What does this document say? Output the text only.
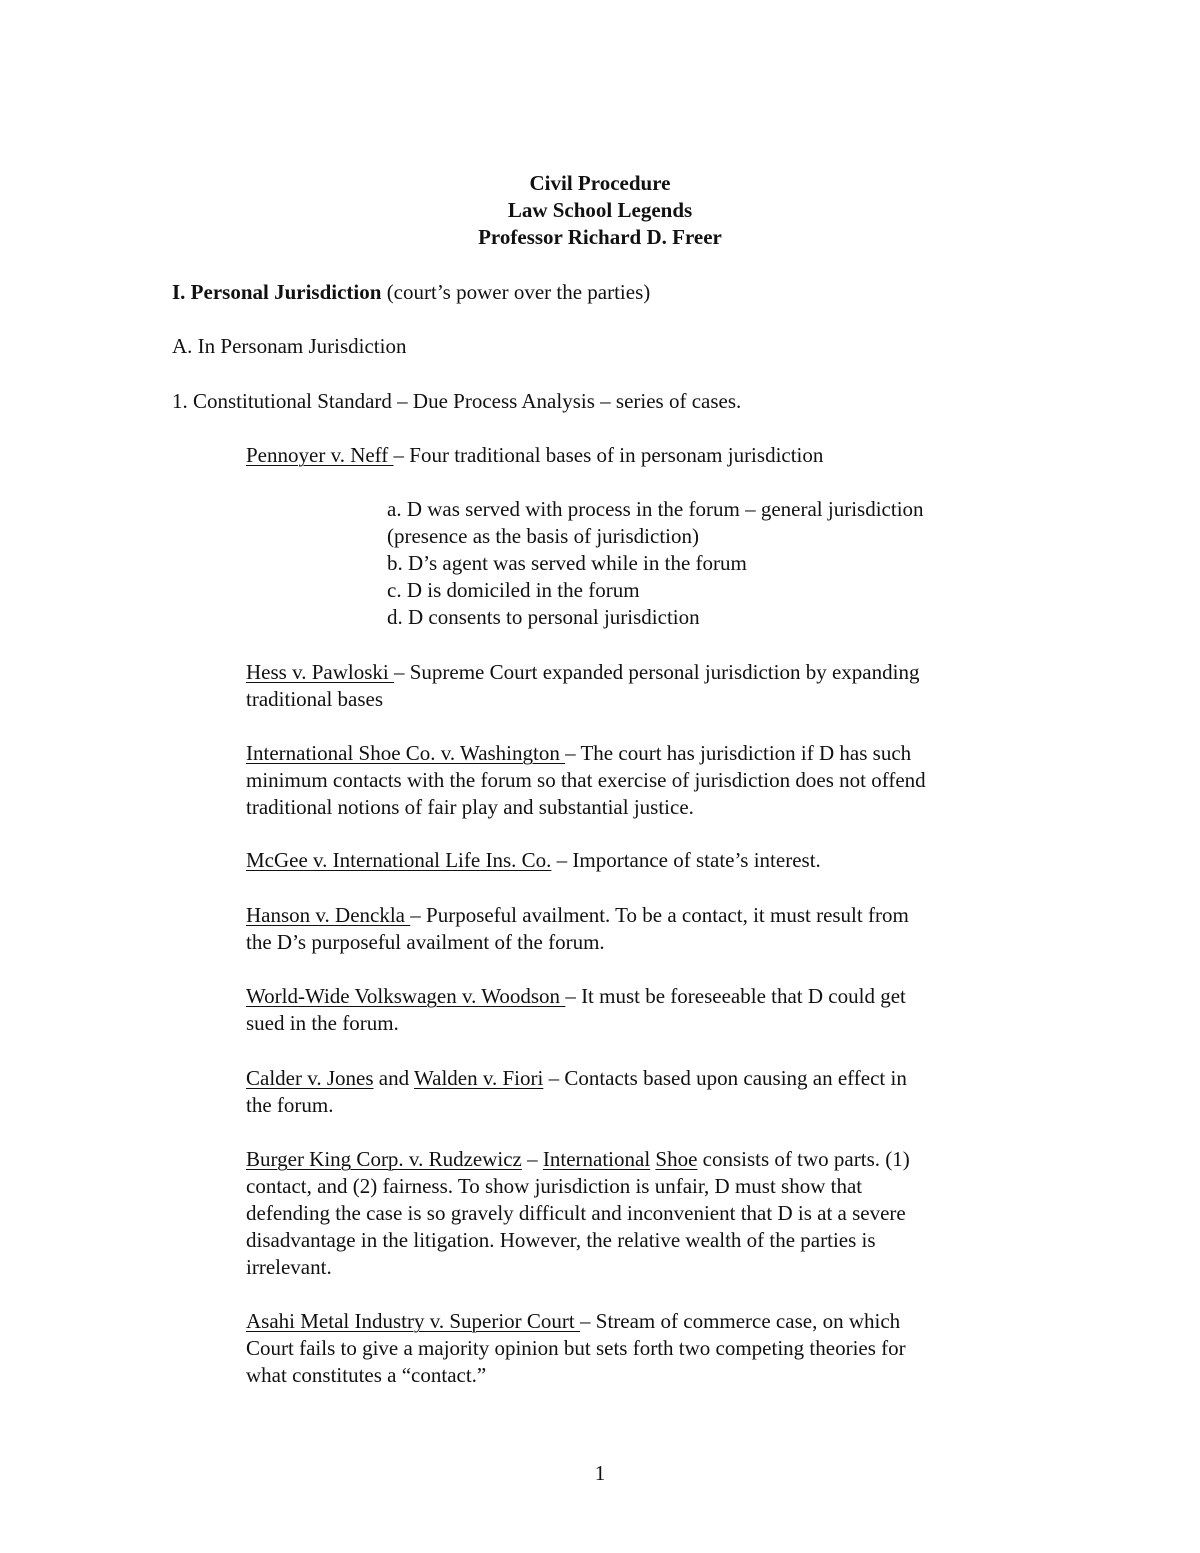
Civil Procedure

Law School Legends

Professor Richard D. Freer

I. Personal Jurisdiction (court’s power over the parties)

A. In Personam Jurisdiction

1. Constitutional Standard – Due Process Analysis – series of cases.

Pennoyer v. Neff – Four traditional bases of in personam jurisdiction

a. D was served with process in the forum – general jurisdiction

(presence as the basis of jurisdiction)

b. D’s agent was served while in the forum

c. D is domiciled in the forum

d. D consents to personal jurisdiction

Hess v. Pawloski – Supreme Court expanded personal jurisdiction by expanding

traditional bases

International Shoe Co. v. Washington – The court has jurisdiction if D has such

minimum contacts with the forum so that exercise of jurisdiction does not offend

traditional notions of fair play and substantial justice.

McGee v. International Life Ins. Co. – Importance of state’s interest.

Hanson v. Denckla – Purposeful availment. To be a contact, it must result from

the D’s purposeful availment of the forum.

World-Wide Volkswagen v. Woodson – It must be foreseeable that D could get

sued in the forum.

Calder v. Jones and Walden v. Fiori – Contacts based upon causing an effect in

the forum.

Burger King Corp. v. Rudzewicz – International Shoe consists of two parts. (1)

contact, and (2) fairness. To show jurisdiction is unfair, D must show that

defending the case is so gravely difficult and inconvenient that D is at a severe

disadvantage in the litigation. However, the relative wealth of the parties is

irrelevant.

Asahi Metal Industry v. Superior Court – Stream of commerce case, on which

Court fails to give a majority opinion but sets forth two competing theories for

what constitutes a “contact.”

1
